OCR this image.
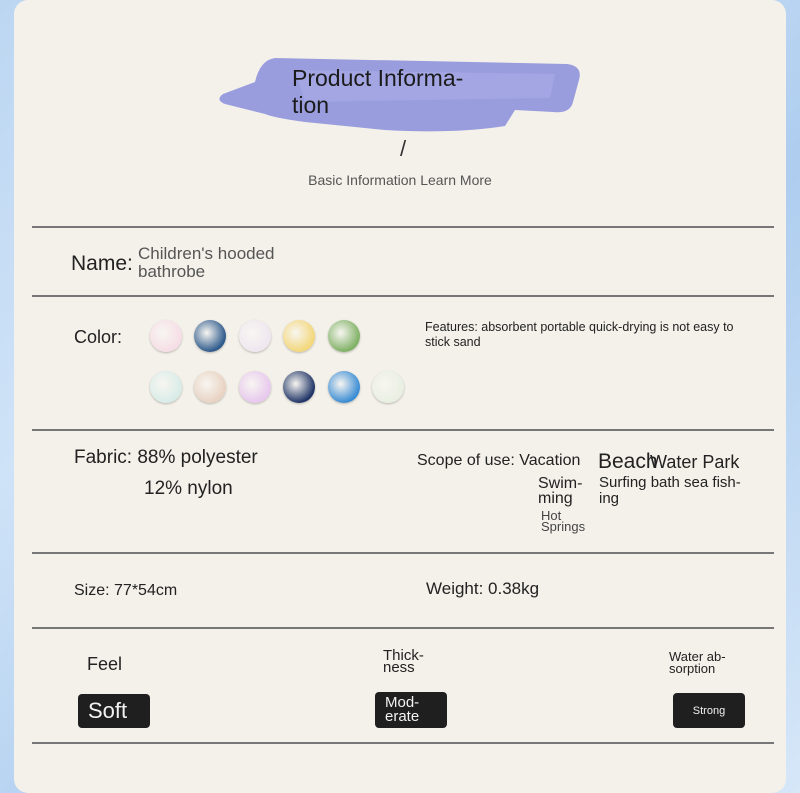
Product Informa-tion
/
Basic Information Learn More
Name: Children's hooded bathrobe
Color:	Features: absorbent portable quick-drying is not easy to stick sand
Fabric: 88% polyester
12% nylon
Scope of use: Vacation Beach
Water Park
Swim-ming
Surfing bath sea fish-ing
Hot Springs
Size: 77*54cm	Weight: 0.38kg
Feel
Soft
Thick-ness
Mod-erate
Water ab-sorption
Strong
